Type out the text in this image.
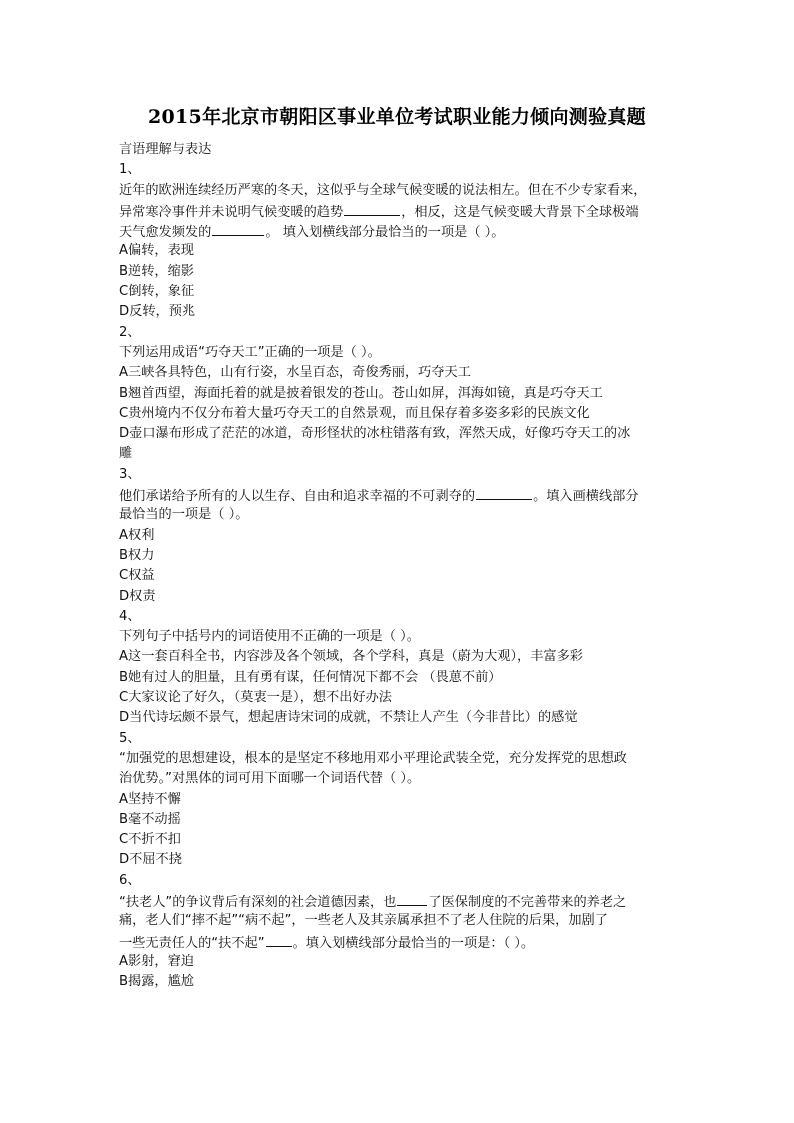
2015年北京市朝阳区事业单位考试职业能力倾向测验真题
言语理解与表达
1、
近年的欧洲连续经历严寒的冬天，这似乎与全球气候变暖的说法相左。但在不少专家看来，
异常寒冷事件并未说明气候变暖的趋势	，相反，这是气候变暖大背景下全球极端
天气愈发频发的	。 填入划横线部分最恰当的一项是（ ）。
A偏转，表现
B逆转，缩影
C倒转，象征
D反转，预兆
2、
下列运用成语“巧夺天工”正确的一项是（ ）。
A三峡各具特色，山有行姿，水呈百态，奇俊秀丽，巧夺天工
B翘首西望，海面托着的就是披着银发的苍山。苍山如屏，洱海如镜，真是巧夺天工
C贵州境内不仅分布着大量巧夺天工的自然景观，而且保存着多姿多彩的民族文化
D壶口瀑布形成了茫茫的冰道，奇形怪状的冰柱错落有致，浑然天成，好像巧夺天工的冰
雕
3、
他们承诺给予所有的人以生存、自由和追求幸福的不可剥夺的	。填入画横线部分
最恰当的一项是（ ）。
A权利
B权力
C权益
D权责
4、
下列句子中括号内的词语使用不正确的一项是（ ）。
A这一套百科全书，内容涉及各个领域，各个学科，真是（蔚为大观），丰富多彩
B她有过人的胆量，且有勇有谋，任何情况下都不会 （畏葸不前）
C大家议论了好久，（莫衷一是），想不出好办法
D当代诗坛颇不景气，想起唐诗宋词的成就，不禁让人产生（今非昔比）的感觉
5、
“加强党的思想建设，根本的是坚定不移地用邓小平理论武装全党，充分发挥党的思想政
治优势。”对黑体的词可用下面哪一个词语代替（ ）。
A坚持不懈
B毫不动摇
C不折不扣
D不屈不挠
6、
“扶老人”的争议背后有深刻的社会道德因素，也 了医保制度的不完善带来的养老之
痛，老人们“摔不起”“病不起”，一些老人及其亲属承担不了老人住院的后果，加剧了
一些无责任人的“扶不起” 。填入划横线部分最恰当的一项是：（ ）。
A影射，窘迫
B揭露，尴尬
